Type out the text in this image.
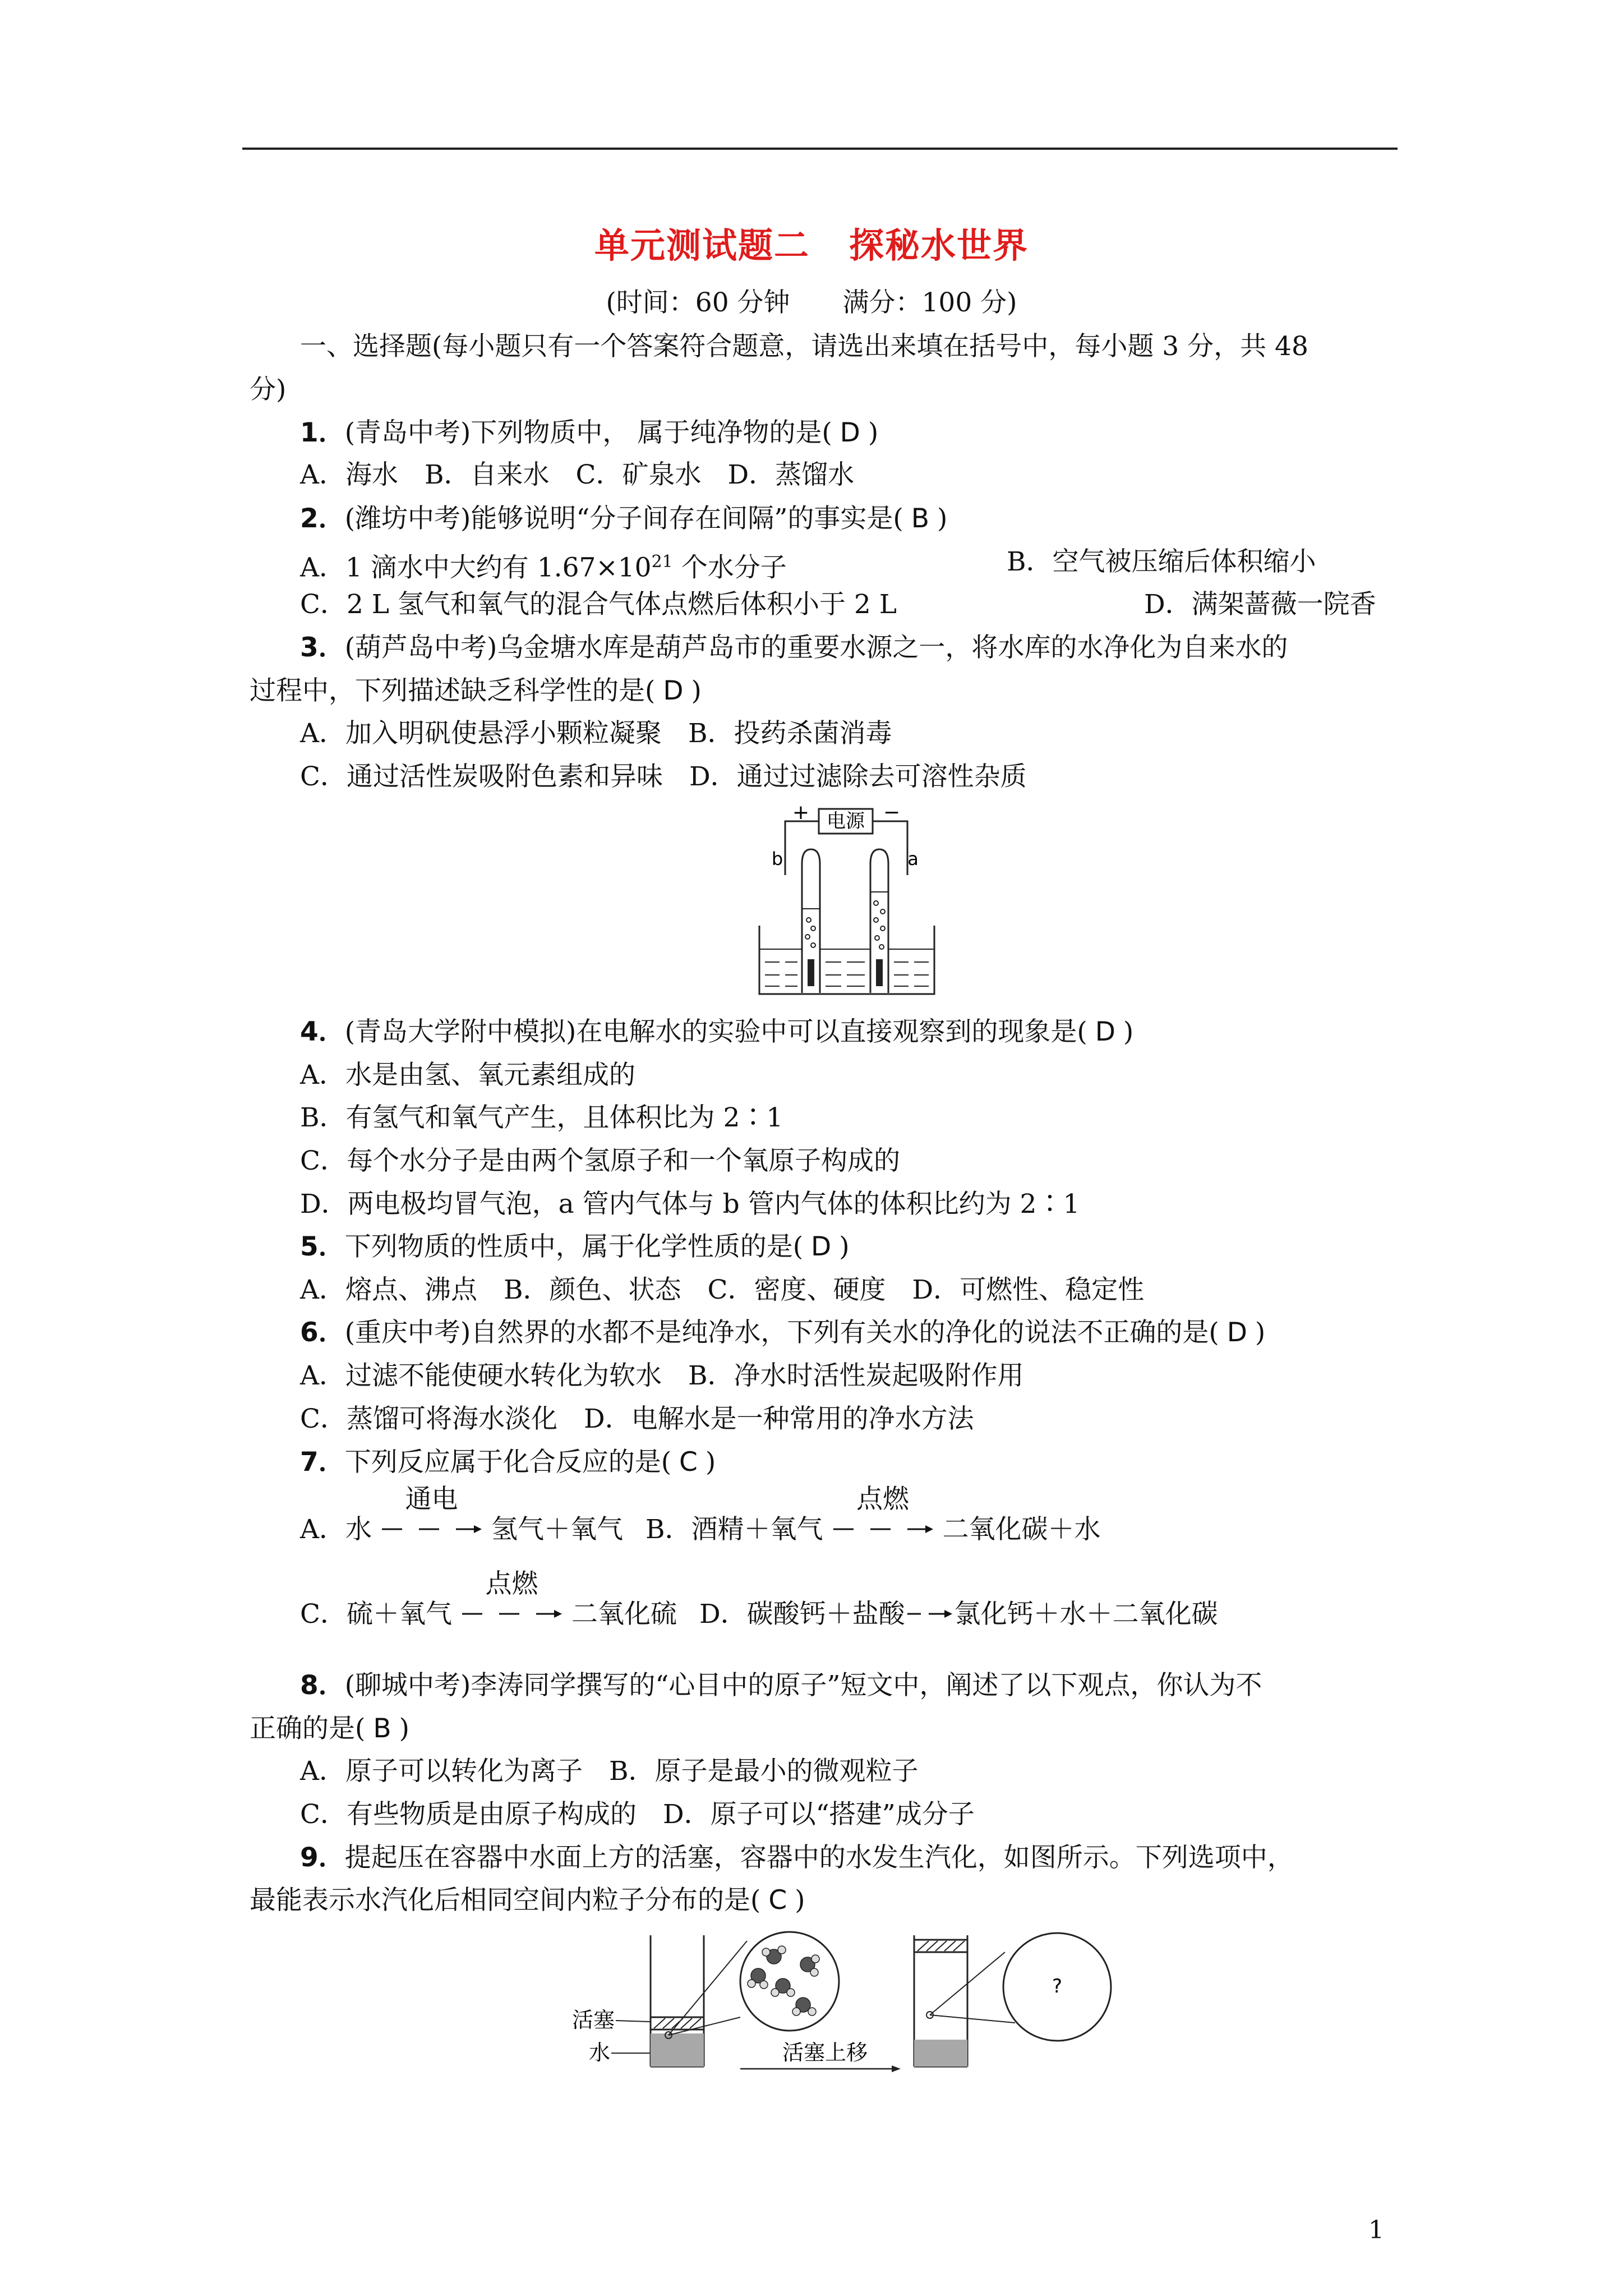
单元测试题二 探秘水世界
(时间：60 分钟　　满分：100 分)
一、选择题(每小题只有一个答案符合题意，请选出来填在括号中，每小题 3 分，共 48
分)
1．(青岛中考)下列物质中， 属于纯净物的是( D )
A．海水　B．自来水　C．矿泉水　D．蒸馏水
2．(潍坊中考)能够说明“分子间存在间隔”的事实是( B )
A．1 滴水中大约有 $1.67\times 10^{21}$ 个水分子	B．空气被压缩后体积缩小
C．2 L 氢气和氧气的混合气体点燃后体积小于 2 L	D．满架蔷薇一院香
3．(葫芦岛中考)乌金塘水库是葫芦岛市的重要水源之一，将水库的水净化为自来水的
过程中，下列描述缺乏科学性的是( D )
A．加入明矾使悬浮小颗粒凝聚　B．投药杀菌消毒
C．通过活性炭吸附色素和异味　D．通过过滤除去可溶性杂质
电源
+	−
b	a
4．(青岛大学附中模拟)在电解水的实验中可以直接观察到的现象是( D )
A．水是由氢、氧元素组成的
B．有氢气和氧气产生，且体积比为 2∶1
C．每个水分子是由两个氢原子和一个氧原子构成的
D．两电极均冒气泡，a 管内气体与 b 管内气体的体积比约为 2∶1
5．下列物质的性质中，属于化学性质的是( D )
A．熔点、沸点　B．颜色、状态　C．密度、硬度　D．可燃性、稳定性
6．(重庆中考)自然界的水都不是纯净水，下列有关水的净化的说法不正确的是( D )
A．过滤不能使硬水转化为软水　B．净水时活性炭起吸附作用
C．蒸馏可将海水淡化　D．电解水是一种常用的净水方法
7．下列反应属于化合反应的是( C )
A．水
通电
氢气＋氧气 B．酒精＋氧气
点燃
二氧化碳＋水
C．硫＋氧气
点燃
二氧化硫 D．碳酸钙＋盐酸 氯化钙＋水＋二氧化碳
8．(聊城中考)李涛同学撰写的“心目中的原子”短文中，阐述了以下观点，你认为不
正确的是( B )
A．原子可以转化为离子　B．原子是最小的微观粒子
C．有些物质是由原子构成的　D．原子可以“搭建”成分子
9．提起压在容器中水面上方的活塞，容器中的水发生汽化，如图所示。下列选项中，
最能表示水汽化后相同空间内粒子分布的是( C )
活塞
水	活塞上移
?
1
